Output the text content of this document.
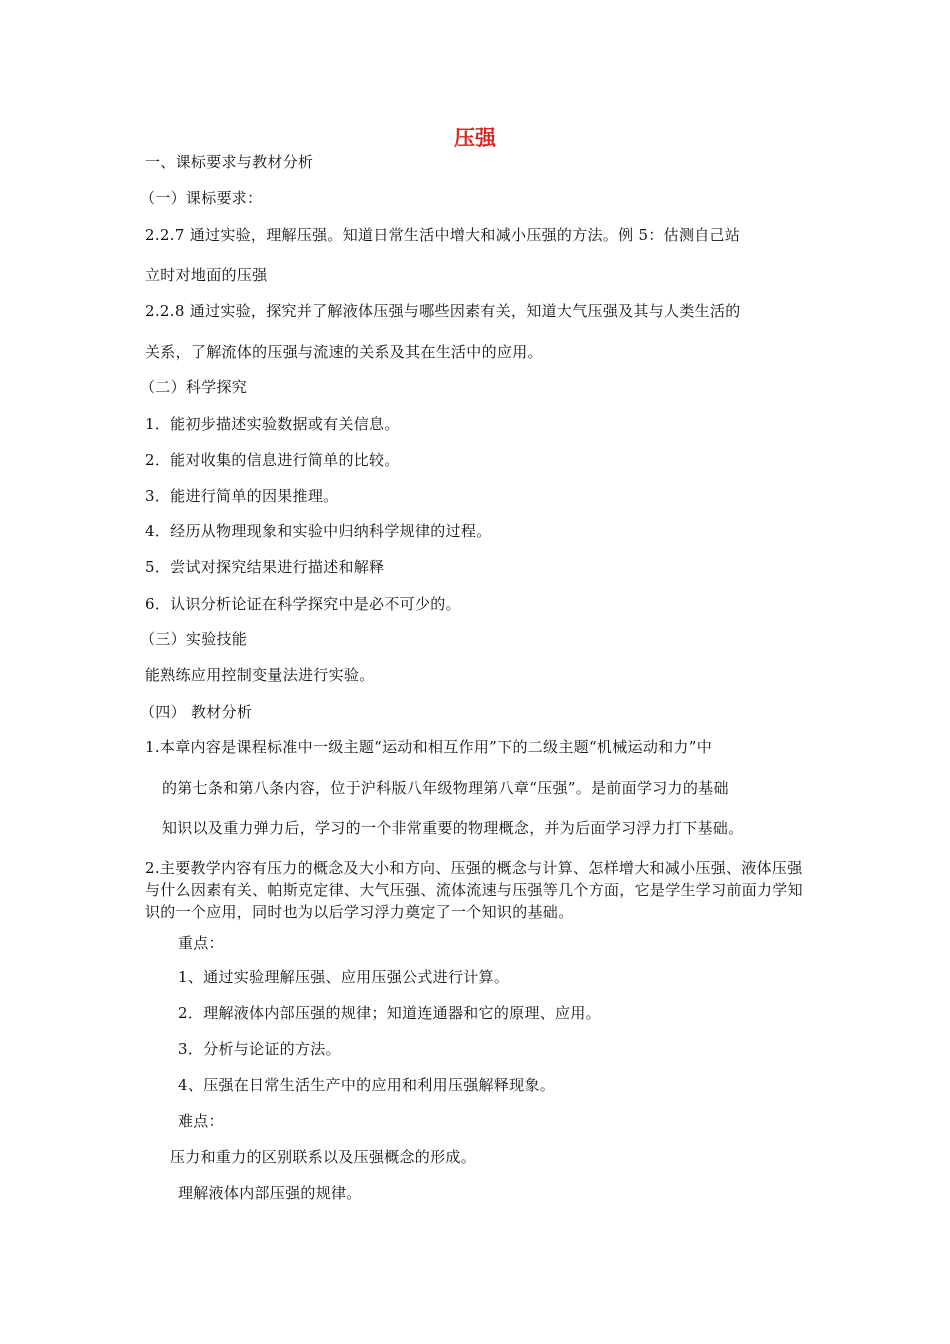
压强
一、课标要求与教材分析
（一）课标要求：
2.2.7 通过实验，理解压强。知道日常生活中增大和减小压强的方法。例 5：估测自己站
立时对地面的压强
2.2.8 通过实验，探究并了解液体压强与哪些因素有关，知道大气压强及其与人类生活的
关系，了解流体的压强与流速的关系及其在生活中的应用。
（二）科学探究
1．能初步描述实验数据或有关信息。
2．能对收集的信息进行简单的比较。
3．能进行简单的因果推理。
4．经历从物理现象和实验中归纳科学规律的过程。
5．尝试对探究结果进行描述和解释
6．认识分析论证在科学探究中是必不可少的。
（三）实验技能
能熟练应用控制变量法进行实验。
（四） 教材分析
1.本章内容是课程标准中一级主题“运动和相互作用”下的二级主题“机械运动和力”中
的第七条和第八条内容，位于沪科版八年级物理第八章“压强”。是前面学习力的基础
知识以及重力弹力后，学习的一个非常重要的物理概念，并为后面学习浮力打下基础。
2.主要教学内容有压力的概念及大小和方向、压强的概念与计算、怎样增大和减小压强、液体压强与什么因素有关、帕斯克定律、大气压强、流体流速与压强等几个方面，它是学生学习前面力学知识的一个应用，同时也为以后学习浮力奠定了一个知识的基础。
重点：
1、通过实验理解压强、应用压强公式进行计算。
2．理解液体内部压强的规律；知道连通器和它的原理、应用。
3．分析与论证的方法。
4、压强在日常生活生产中的应用和利用压强解释现象。
难点：
压力和重力的区别联系以及压强概念的形成。
理解液体内部压强的规律。
